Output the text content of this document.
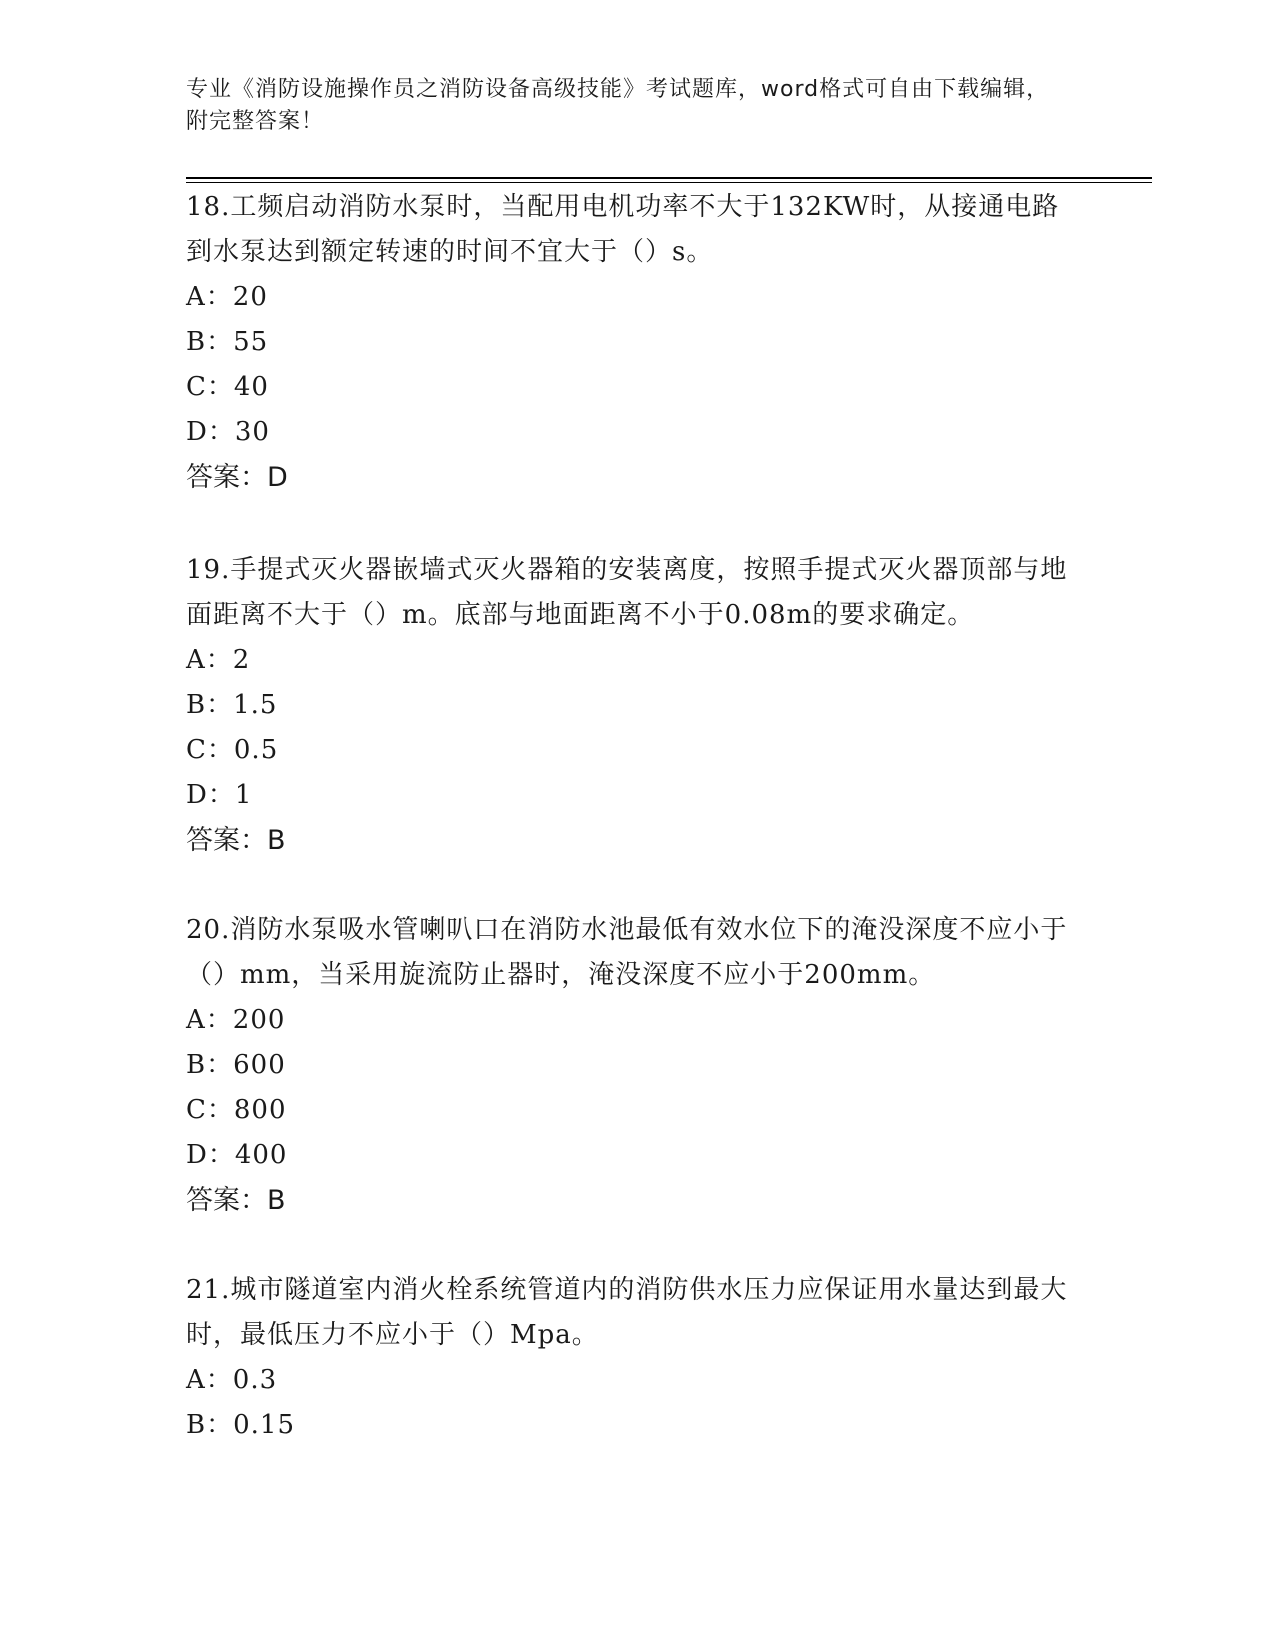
专业《消防设施操作员之消防设备高级技能》考试题库，word格式可自由下载编辑，附完整答案！

18.工频启动消防水泵时，当配用电机功率不大于132KW时，从接通电路到水泵达到额定转速的时间不宜大于（）s。

A：20
B：55
C：40
D：30
答案：D

19.手提式灭火器嵌墙式灭火器箱的安装离度，按照手提式灭火器顶部与地面距离不大于（）m。底部与地面距离不小于0.08m的要求确定。

A：2
B：1.5
C：0.5
D：1
答案：B

20.消防水泵吸水管喇叭口在消防水池最低有效水位下的淹没深度不应小于（）mm，当采用旋流防止器时，淹没深度不应小于200mm。

A：200
B：600
C：800
D：400
答案：B

21.城市隧道室内消火栓系统管道内的消防供水压力应保证用水量达到最大时，最低压力不应小于（）Mpa。

A：0.3
B：0.15
